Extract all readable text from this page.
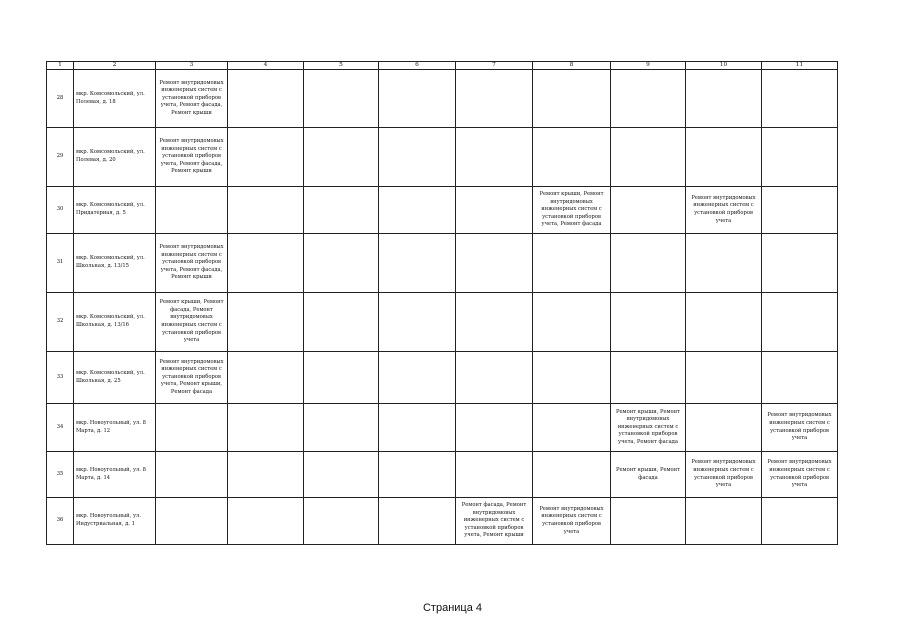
1	2	3	4	5	6	7	8	9	10	11
28	мкр. Комсомольский, ул. Полевая, д. 18	Ремонт внутридомовых инженерных систем с установкой приборов учета, Ремонт фасада, Ремонт крыши								
29	мкр. Комсомольский, ул. Полевая, д. 20	Ремонт внутридомовых инженерных систем с установкой приборов учета, Ремонт фасада, Ремонт крыши								
30	мкр. Комсомольский, ул. Придатериая, д. 5						Ремонт крыши, Ремонт внутридомовых инженерных систем с установкой приборов учета, Ремонт фасада		Ремонт внутридомовых инженерных систем с установкой приборов учета	
31	мкр. Комсомольский, ул. Школьная, д. 13/15	Ремонт внутридомовых инженерных систем с установкой приборов учета, Ремонт фасада, Ремонт крыши								
32	мкр. Комсомольский, ул. Школьная, д. 13/16	Ремонт крыши, Ремонт фасада, Ремонт внутридомовых инженерных систем с установкой приборов учета								
33	мкр. Комсомольский, ул. Школьная, д. 25	Ремонт внутридомовых инженерных систем с установкой приборов учета, Ремонт крыши, Ремонт фасада								
34	мкр. Новоугольный, ул. 8 Марта, д. 12							Ремонт крыши, Ремонт внутридомовых инженерных систем с установкой приборов учета, Ремонт фасада		Ремонт внутридомовых инженерных систем с установкой приборов учета
35	мкр. Новоугольный, ул. 8 Марта, д. 14							Ремонт крыши, Ремонт фасада	Ремонт внутридомовых инженерных систем с установкой приборов учета	Ремонт внутридомовых инженерных систем с установкой приборов учета
36	мкр. Новоугольный, ул. Индустриальная, д. 1					Ремонт фасада, Ремонт внутридомовых инженерных систем с установкой приборов учета, Ремонт крыши	Ремонт внутридомовых инженерных систем с установкой приборов учета			
Страница 4
